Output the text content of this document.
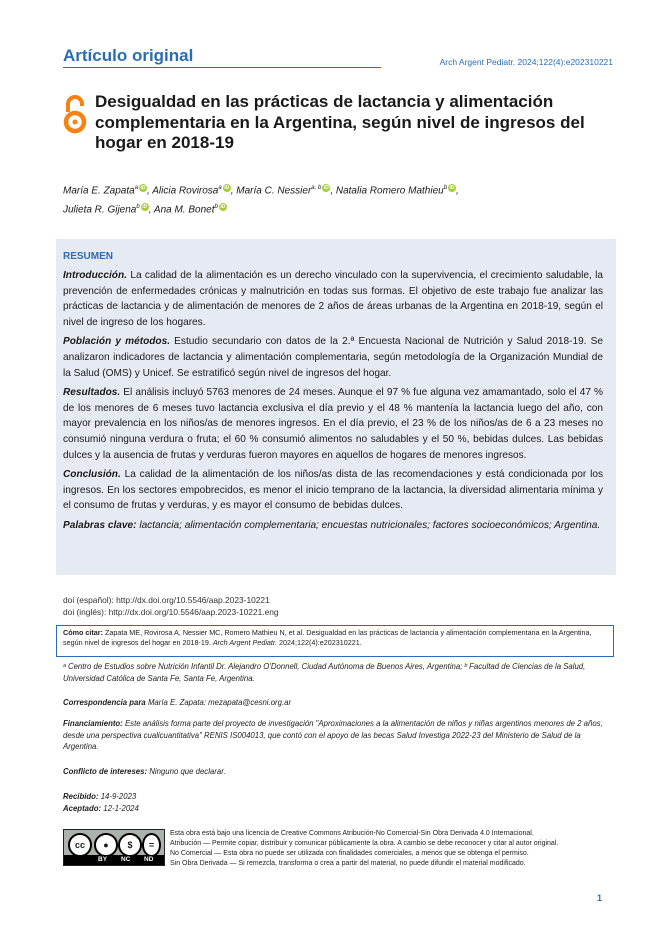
Artículo original	Arch Argent Pediatr. 2024;122(4):e202310221
Desigualdad en las prácticas de lactancia y alimentación complementaria en la Argentina, según nivel de ingresos del hogar en 2018-19
María E. Zapata$^a$ iD , Alicia Rovirosa$^a$ iD , María C. Nessier$^{a, b}$ iD , Natalia Romero Mathieu$^b$ iD ,
Julieta R. Gijena$^b$ iD , Ana M. Bonet$^b$ iD
RESUMEN

Introducción. La calidad de la alimentación es un derecho vinculado con la supervivencia, el crecimiento saludable, la prevención de enfermedades crónicas y malnutrición en todas sus formas. El objetivo de este trabajo fue analizar las prácticas de lactancia y de alimentación de menores de 2 años de áreas urbanas de la Argentina en 2018-19, según el nivel de ingreso de los hogares.

Población y métodos. Estudio secundario con datos de la 2.ª Encuesta Nacional de Nutrición y Salud 2018-19. Se analizaron indicadores de lactancia y alimentación complementaria, según metodología de la Organización Mundial de la Salud (OMS) y Unicef. Se estratificó según nivel de ingresos del hogar.

Resultados. El análisis incluyó 5763 menores de 24 meses. Aunque el 97 % fue alguna vez amamantado, solo el 47 % de los menores de 6 meses tuvo lactancia exclusiva el día previo y el 48 % mantenía la lactancia luego del año, con mayor prevalencia en los niños/as de menores ingresos. En el día previo, el 23 % de los niños/as de 6 a 23 meses no consumió ninguna verdura o fruta; el 60 % consumió alimentos no saludables y el 50 %, bebidas dulces. Las bebidas dulces y la ausencia de frutas y verduras fueron mayores en aquellos de hogares de menores ingresos.

Conclusión. La calidad de la alimentación de los niños/as dista de las recomendaciones y está condicionada por los ingresos. En los sectores empobrecidos, es menor el inicio temprano de la lactancia, la diversidad alimentaria mínima y el consumo de frutas y verduras, y es mayor el consumo de bebidas dulces.

Palabras clave: lactancia; alimentación complementaria; encuestas nutricionales; factores socioeconómicos; Argentina.

doi (español): http://dx.doi.org/10.5546/aap.2023-10221
doi (inglés): http://dx.doi.org/10.5546/aap.2023-10221.eng
Cómo citar: Zapata ME, Rovirosa A, Nessier MC, Romero Mathieu N, et al. Desigualdad en las prácticas de lactancia y alimentación complementaria en la Argentina, según nivel de ingresos del hogar en 2018-19. Arch Argent Pediatr. 2024;122(4):e202310221.
ᵃ Centro de Estudios sobre Nutrición Infantil Dr. Alejandro O'Donnell, Ciudad Autónoma de Buenos Aires, Argentina; ᵇ Facultad de Ciencias de la Salud, Universidad Católica de Santa Fe, Santa Fe, Argentina.
Correspondencia para María E. Zapata: mezapata@cesni.org.ar
Financiamiento: Este análisis forma parte del proyecto de investigación "Aproximaciones a la alimentación de niños y niñas argentinos menores de 2 años, desde una perspectiva cualicuantitativa" RENIS IS004013, que contó con el apoyo de las becas Salud Investiga 2022-23 del Ministerio de Salud de la Argentina.
Conflicto de intereses: Ninguno que declarar.
Recibido: 14-9-2023
Aceptado: 12-1-2024
cc	●	$	=
BY NC ND
Esta obra está bajo una licencia de Creative Commons Atribución-No Comercial-Sin Obra Derivada 4.0 Internacional.
Atribución — Permite copiar, distribuir y comunicar públicamente la obra. A cambio se debe reconocer y citar al autor original.
No Comercial — Esta obra no puede ser utilizada con finalidades comerciales, a menos que se obtenga el permiso.
Sin Obra Derivada — Si remezcla, transforma o crea a partir del material, no puede difundir el material modificado.
1
